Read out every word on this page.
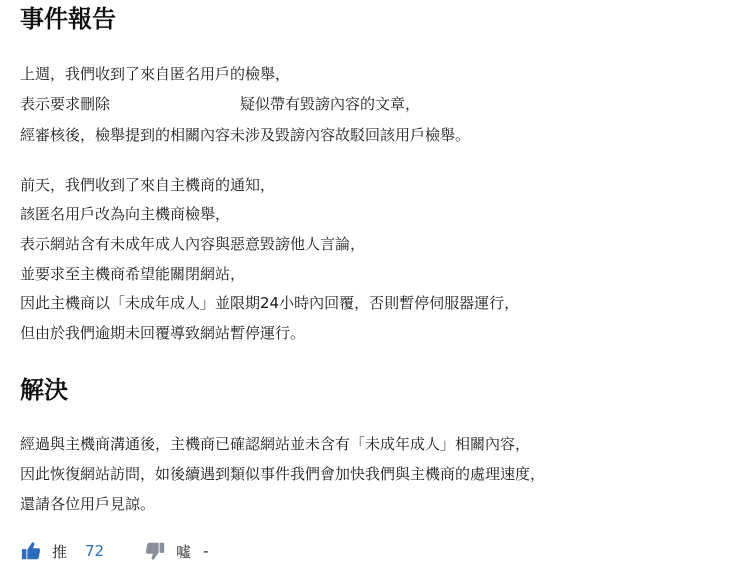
事件報告

上週，我們收到了來自匿名用戶的檢舉，

表示要求刪除	疑似帶有毀謗內容的文章，

經審核後，檢舉提到的相關內容未涉及毀謗內容故駁回該用戶檢舉。

前天，我們收到了來自主機商的通知，

該匿名用戶改為向主機商檢舉，

表示網站含有未成年成人內容與惡意毀謗他人言論，

並要求至主機商希望能關閉網站，

因此主機商以「未成年成人」並限期24小時內回覆，否則暫停伺服器運行，

但由於我們逾期未回覆導致網站暫停運行。

解決

經過與主機商溝通後，主機商已確認網站並未含有「未成年成人」相關內容，

因此恢復網站訪問，如後續遇到類似事件我們會加快我們與主機商的處理速度，

還請各位用戶見諒。

推 72	噓 -
